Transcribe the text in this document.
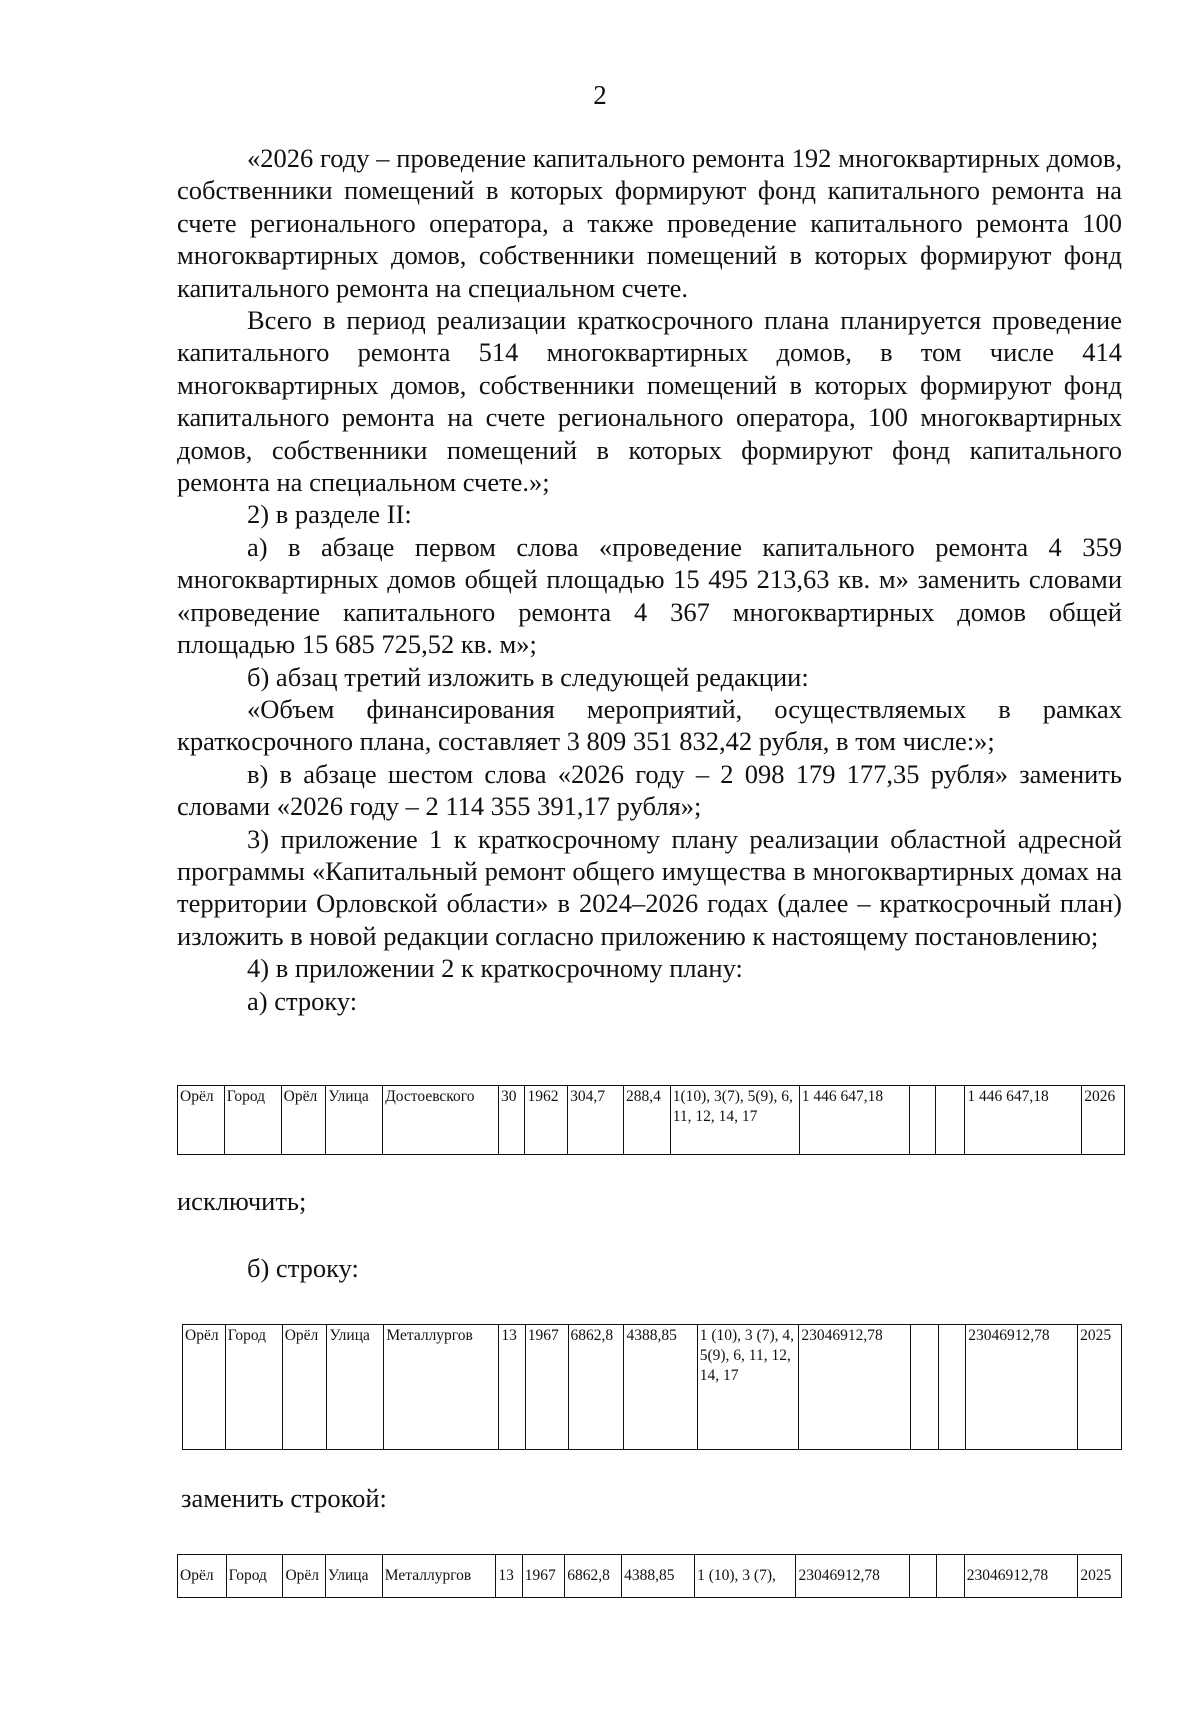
2

«2026 году – проведение капитального ремонта 192 многоквартирных домов, собственники помещений в которых формируют фонд капитального ремонта на счете регионального оператора, а также проведение капитального ремонта 100 многоквартирных домов, собственники помещений в которых формируют фонд капитального ремонта на специальном счете.

Всего в период реализации краткосрочного плана планируется проведение капитального ремонта 514 многоквартирных домов, в том числе 414 многоквартирных домов, собственники помещений в которых формируют фонд капитального ремонта на счете регионального оператора, 100 многоквартирных домов, собственники помещений в которых формируют фонд капитального ремонта на специальном счете.»;

2) в разделе II:

а) в абзаце первом слова «проведение капитального ремонта 4 359 многоквартирных домов общей площадью 15 495 213,63 кв. м» заменить словами «проведение капитального ремонта 4 367 многоквартирных домов общей площадью 15 685 725,52 кв. м»;

б) абзац третий изложить в следующей редакции:

«Объем финансирования мероприятий, осуществляемых в рамках краткосрочного плана, составляет 3 809 351 832,42 рубля, в том числе:»;

в) в абзаце шестом слова «2026 году – 2 098 179 177,35 рубля» заменить словами «2026 году – 2 114 355 391,17 рубля»;

3) приложение 1 к краткосрочному плану реализации областной адресной программы «Капитальный ремонт общего имущества в многоквартирных домах на территории Орловской области» в 2024–2026 годах (далее – краткосрочный план) изложить в новой редакции согласно приложению к настоящему постановлению;

4) в приложении 2 к краткосрочному плану:

а) строку:

Орёл	Город	Орёл	Улица	Достоевского	30	1962	304,7	288,4	1(10), 3(7), 5(9), 6, 11, 12, 14, 17	1 446 647,18			1 446 647,18	2026
исключить;
б) строку:
Орёл	Город	Орёл	Улица	Металлургов	13	1967	6862,8	4388,85	1 (10), 3 (7), 4, 5(9), 6, 11, 12, 14, 17	23046912,78			23046912,78	2025
заменить строкой:
Орёл	Город	Орёл	Улица	Металлургов	13	1967	6862,8	4388,85	1 (10), 3 (7),	23046912,78			23046912,78	2025
